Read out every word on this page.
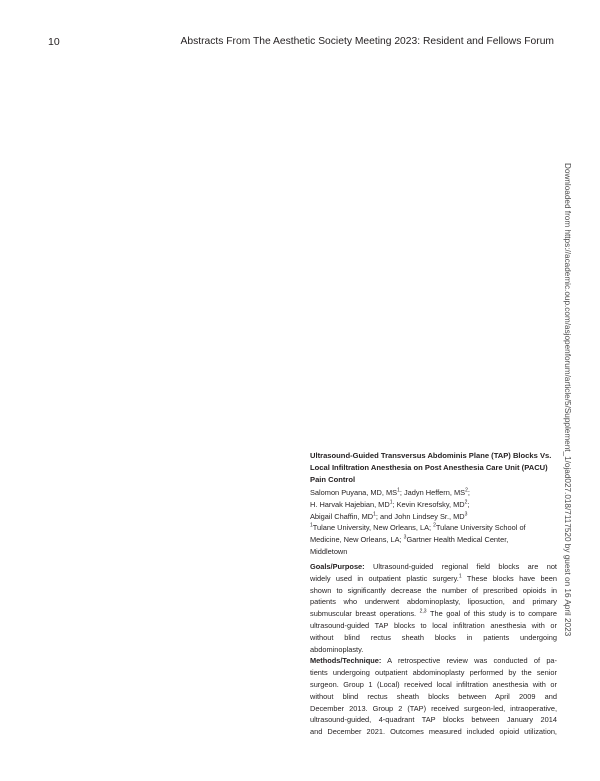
10	Abstracts From The Aesthetic Society Meeting 2023: Resident and Fellows Forum
Downloaded from https://academic.oup.com/asjopenforum/article/5/Supplement_1/ojad027.018/7117520 by guest on 16 April 2023
Ultrasound-Guided Transversus Abdominis Plane (TAP) Blocks Vs.
Local Infiltration Anesthesia on Post Anesthesia Care Unit (PACU)
Pain Control
Salomon Puyana, MD, $MS^1$; Jadyn Heffern, $MS^2$;
H. Harvak Hajebian, $MD^1$; Kevin Kresofsky, $MD^2$;
Abigail Chaffin, $MD^1$; and John Lindsey Sr., $MD^3$
$^1$Tulane University, New Orleans, LA; $^2$Tulane University School of
Medicine, New Orleans, LA; $^3$Gartner Health Medical Center,
Middletown
Goals/Purpose: Ultrasound-guided regional field blocks are not
widely used in outpatient plastic surgery.$^1$ These blocks have been
shown to significantly decrease the number of prescribed opioids in
patients who underwent abdominoplasty, liposuction, and primary
submuscular breast operations. $^{2,3}$ The goal of this study is to compare
ultrasound-guided TAP blocks to local infiltration anesthesia with or
without blind rectus sheath blocks in patients undergoing
abdominoplasty.
Methods/Technique: A retrospective review was conducted of pa-
tients undergoing outpatient abdominoplasty performed by the senior
surgeon. Group 1 (Local) received local infiltration anesthesia with or
without blind rectus sheath blocks between April 2009 and
December 2013. Group 2 (TAP) received surgeon-led, intraoperative,
ultrasound-guided, 4-quadrant TAP blocks between January 2014
and December 2021. Outcomes measured included opioid utilization,
